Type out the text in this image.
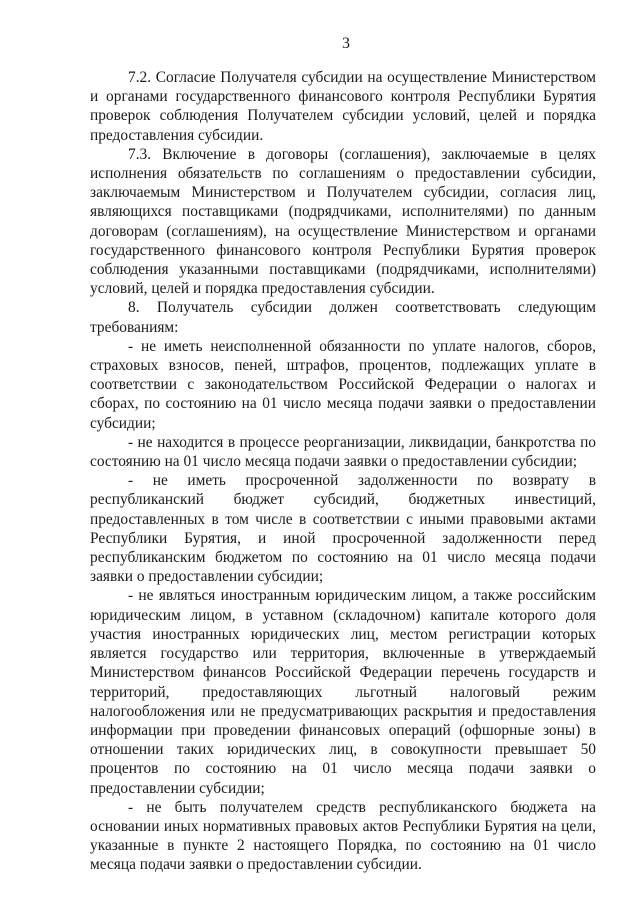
3

7.2. Согласие Получателя субсидии на осуществление Министерством и органами государственного финансового контроля Республики Бурятия проверок соблюдения Получателем субсидии условий, целей и порядка предоставления субсидии.

7.3. Включение в договоры (соглашения), заключаемые в целях исполнения обязательств по соглашениям о предоставлении субсидии, заключаемым Министерством и Получателем субсидии, согласия лиц, являющихся поставщиками (подрядчиками, исполнителями) по данным договорам (соглашениям), на осуществление Министерством и органами государственного финансового контроля Республики Бурятия проверок соблюдения указанными поставщиками (подрядчиками, исполнителями) условий, целей и порядка предоставления субсидии.

8. Получатель субсидии должен соответствовать следующим требованиям:

- не иметь неисполненной обязанности по уплате налогов, сборов, страховых взносов, пеней, штрафов, процентов, подлежащих уплате в соответствии с законодательством Российской Федерации о налогах и сборах, по состоянию на 01 число месяца подачи заявки о предоставлении субсидии;

- не находится в процессе реорганизации, ликвидации, банкротства по состоянию на 01 число месяца подачи заявки о предоставлении субсидии;

- не иметь просроченной задолженности по возврату в республиканский бюджет субсидий, бюджетных инвестиций, предоставленных в том числе в соответствии с иными правовыми актами Республики Бурятия, и иной просроченной задолженности перед республиканским бюджетом по состоянию на 01 число месяца подачи заявки о предоставлении субсидии;

- не являться иностранным юридическим лицом, а также российским юридическим лицом, в уставном (складочном) капитале которого доля участия иностранных юридических лиц, местом регистрации которых является государство или территория, включенные в утверждаемый Министерством финансов Российской Федерации перечень государств и территорий, предоставляющих льготный налоговый режим налогообложения или не предусматривающих раскрытия и предоставления информации при проведении финансовых операций (офшорные зоны) в отношении таких юридических лиц, в совокупности превышает 50 процентов по состоянию на 01 число месяца подачи заявки о предоставлении субсидии;

- не быть получателем средств республиканского бюджета на основании иных нормативных правовых актов Республики Бурятия на цели, указанные в пункте 2 настоящего Порядка, по состоянию на 01 число месяца подачи заявки о предоставлении субсидии.
